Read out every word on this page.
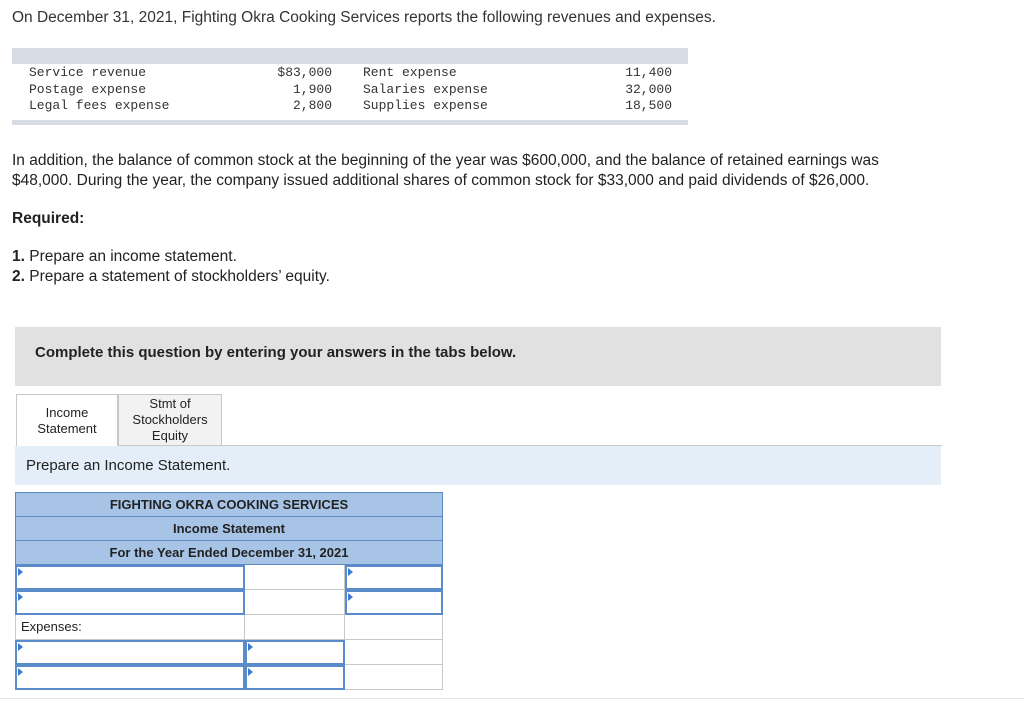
On December 31, 2021, Fighting Okra Cooking Services reports the following revenues and expenses.
Service revenue
Postage expense
Legal fees expense
$83,000
1,900
2,800
Rent expense
Salaries expense
Supplies expense
11,400
32,000
18,500
In addition, the balance of common stock at the beginning of the year was $600,000, and the balance of retained earnings was
$48,000. During the year, the company issued additional shares of common stock for $33,000 and paid dividends of $26,000.
Required:
1. Prepare an income statement.
2. Prepare a statement of stockholders’ equity.
Complete this question by entering your answers in the tabs below.
Income
Statement
Stmt of
Stockholders
Equity
Prepare an Income Statement.
FIGHTING OKRA COOKING SERVICES
Income Statement
For the Year Ended December 31, 2021
Expenses:
